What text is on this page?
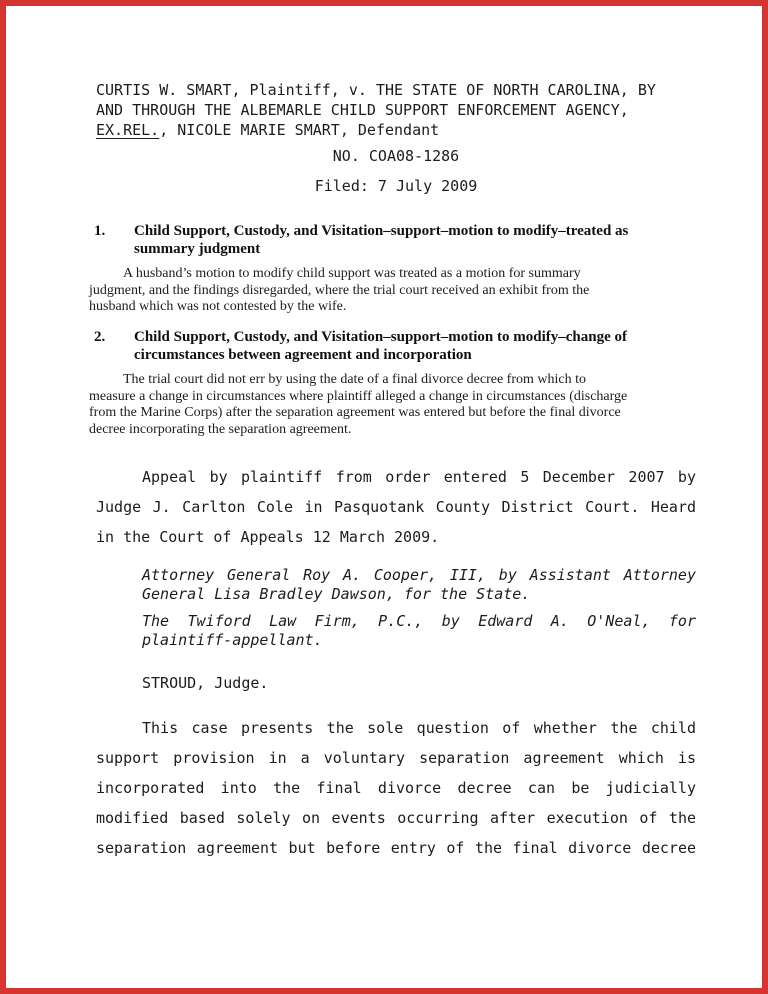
CURTIS W. SMART, Plaintiff, v. THE STATE OF NORTH CAROLINA, BY
AND THROUGH THE ALBEMARLE CHILD SUPPORT ENFORCEMENT AGENCY,
EX.REL., NICOLE MARIE SMART, Defendant
NO. COA08-1286
Filed: 7 July 2009
1.	Child Support, Custody, and Visitation–support–motion to modify–treated as
summary judgment
A husband’s motion to modify child support was treated as a motion for summary
judgment, and the findings disregarded, where the trial court received an exhibit from the
husband which was not contested by the wife.
2.	Child Support, Custody, and Visitation–support–motion to modify–change of
circumstances between agreement and incorporation
The trial court did not err by using the date of a final divorce decree from which to
measure a change in circumstances where plaintiff alleged a change in circumstances (discharge
from the Marine Corps) after the separation agreement was entered but before the final divorce
decree incorporating the separation agreement.
Appeal by plaintiff from order entered 5 December 2007 by
Judge J. Carlton Cole in Pasquotank County District Court. Heard
in the Court of Appeals 12 March 2009.
Attorney General Roy A. Cooper, III, by Assistant Attorney
General Lisa Bradley Dawson, for the State.
The Twiford Law Firm, P.C., by Edward A. O'Neal, for
plaintiff-appellant.
STROUD, Judge.
This case presents the sole question of whether the child
support provision in a voluntary separation agreement which is
incorporated into the final divorce decree can be judicially
modified based solely on events occurring after execution of the
separation agreement but before entry of the final divorce decree
